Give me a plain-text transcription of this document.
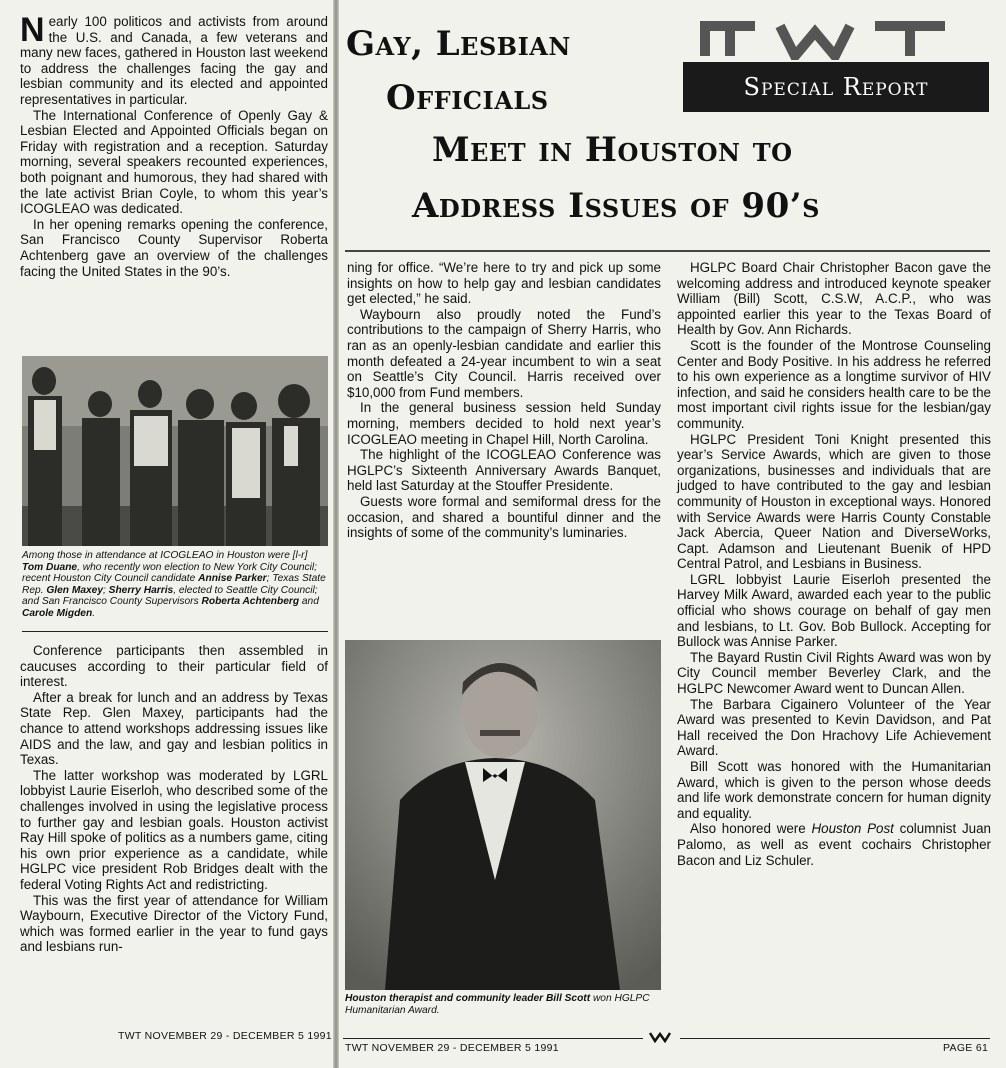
Nearly 100 politicos and activists from around the U.S. and Canada, a few veterans and many new faces, gathered in Houston last weekend to address the challenges facing the gay and lesbian community and its elected and appointed representatives in particular.

The International Conference of Openly Gay & Lesbian Elected and Appointed Officials began on Friday with registration and a reception. Saturday morning, several speakers recounted experiences, both poignant and humorous, they had shared with the late activist Brian Coyle, to whom this year’s ICOGLEAO was dedicated.

In her opening remarks opening the conference, San Francisco County Supervisor Roberta Achtenberg gave an overview of the challenges facing the United States in the 90’s.

Among those in attendance at ICOGLEAO in Houston were [l-r] Tom Duane, who recently won election to New York City Council; recent Houston City Council candidate Annise Parker; Texas State Rep. Glen Maxey; Sherry Harris, elected to Seattle City Council; and San Francisco County Supervisors Roberta Achtenberg and Carole Migden.

Conference participants then assembled in caucuses according to their particular field of interest.

After a break for lunch and an address by Texas State Rep. Glen Maxey, participants had the chance to attend workshops addressing issues like AIDS and the law, and gay and lesbian politics in Texas.

The latter workshop was moderated by LGRL lobbyist Laurie Eiserloh, who described some of the challenges involved in using the legislative process to further gay and lesbian goals. Houston activist Ray Hill spoke of politics as a numbers game, citing his own prior experience as a candidate, while HGLPC vice president Rob Bridges dealt with the federal Voting Rights Act and redistricting.

This was the first year of attendance for William Waybourn, Executive Director of the Victory Fund, which was formed earlier in the year to fund gays and lesbians run-

Gay, Lesbian
Officials
Meet in Houston to
Address Issues of 90’s
Special Report

ning for office. “We’re here to try and pick up some insights on how to help gay and lesbian candidates get elected,” he said.

Waybourn also proudly noted the Fund’s contributions to the campaign of Sherry Harris, who ran as an openly-lesbian candidate and earlier this month defeated a 24-year incumbent to win a seat on Seattle’s City Council. Harris received over $10,000 from Fund members.

In the general business session held Sunday morning, members decided to hold next year’s ICOGLEAO meeting in Chapel Hill, North Carolina.

The highlight of the ICOGLEAO Conference was HGLPC’s Sixteenth Anniversary Awards Banquet, held last Saturday at the Stouffer Presidente.

Guests wore formal and semiformal dress for the occasion, and shared a bountiful dinner and the insights of some of the community’s luminaries.

Houston therapist and community leader Bill Scott won HGLPC Humanitarian Award.

HGLPC Board Chair Christopher Bacon gave the welcoming address and introduced keynote speaker William (Bill) Scott, C.S.W, A.C.P., who was appointed earlier this year to the Texas Board of Health by Gov. Ann Richards.

Scott is the founder of the Montrose Counseling Center and Body Positive. In his address he referred to his own experience as a longtime survivor of HIV infection, and said he considers health care to be the most important civil rights issue for the lesbian/gay community.

HGLPC President Toni Knight presented this year’s Service Awards, which are given to those organizations, businesses and individuals that are judged to have contributed to the gay and lesbian community of Houston in exceptional ways. Honored with Service Awards were Harris County Constable Jack Abercia, Queer Nation and DiverseWorks, Capt. Adamson and Lieutenant Buenik of HPD Central Patrol, and Lesbians in Business.

LGRL lobbyist Laurie Eiserloh presented the Harvey Milk Award, awarded each year to the public official who shows courage on behalf of gay men and lesbians, to Lt. Gov. Bob Bullock. Accepting for Bullock was Annise Parker.

The Bayard Rustin Civil Rights Award was won by City Council member Beverley Clark, and the HGLPC Newcomer Award went to Duncan Allen.

The Barbara Cigainero Volunteer of the Year Award was presented to Kevin Davidson, and Pat Hall received the Don Hrachovy Life Achievement Award.

Bill Scott was honored with the Humanitarian Award, which is given to the person whose deeds and life work demonstrate concern for human dignity and equality.

Also honored were Houston Post columnist Juan Palomo, as well as event cochairs Christopher Bacon and Liz Schuler.

TWT NOVEMBER 29 - DECEMBER 5 1991
TWT NOVEMBER 29 - DECEMBER 5 1991	PAGE 61
